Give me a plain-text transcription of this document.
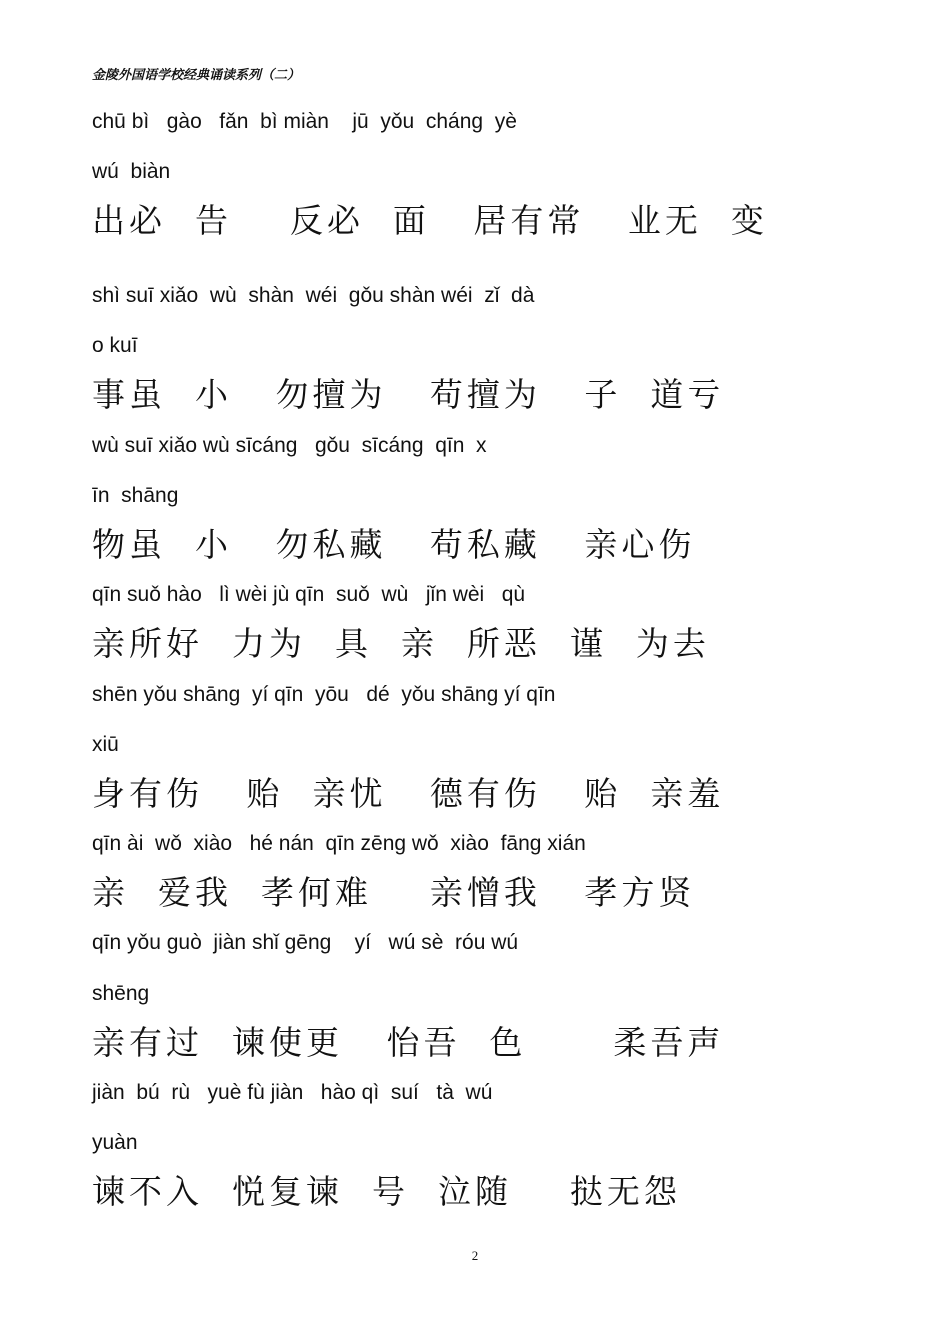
金陵外国语学校经典诵读系列（二）
chū bì   gào   fǎn  bì miàn    jū  yǒu  cháng  yè
wú  biàn
出必  告    反必  面   居有常   业无  变
shì suī xiǎo  wù  shàn  wéi  gǒu shàn wéi  zǐ  dà
o kuī
事虽  小   勿擅为   苟擅为   子  道亏
wù suī xiǎo wù sīcáng   gǒu  sīcáng  qīn  x
īn  shāng
物虽  小   勿私藏   苟私藏   亲心伤
qīn suǒ hào   lì wèi jù qīn  suǒ  wù   jǐn wèi   qù
亲所好  力为  具  亲  所恶  谨  为去
shēn yǒu shāng  yí qīn  yōu   dé  yǒu shāng yí qīn
xiū
身有伤   贻  亲忧   德有伤   贻  亲羞
qīn ài  wǒ  xiào   hé nán  qīn zēng wǒ  xiào  fāng xián
亲  爱我  孝何难    亲憎我   孝方贤
qīn yǒu guò  jiàn shǐ gēng    yí   wú sè  róu wú
shēng
亲有过  谏使更   怡吾  色      柔吾声
jiàn  bú  rù   yuè fù jiàn   hào qì  suí   tà  wú
yuàn
谏不入  悦复谏  号  泣随    挞无怨
2
